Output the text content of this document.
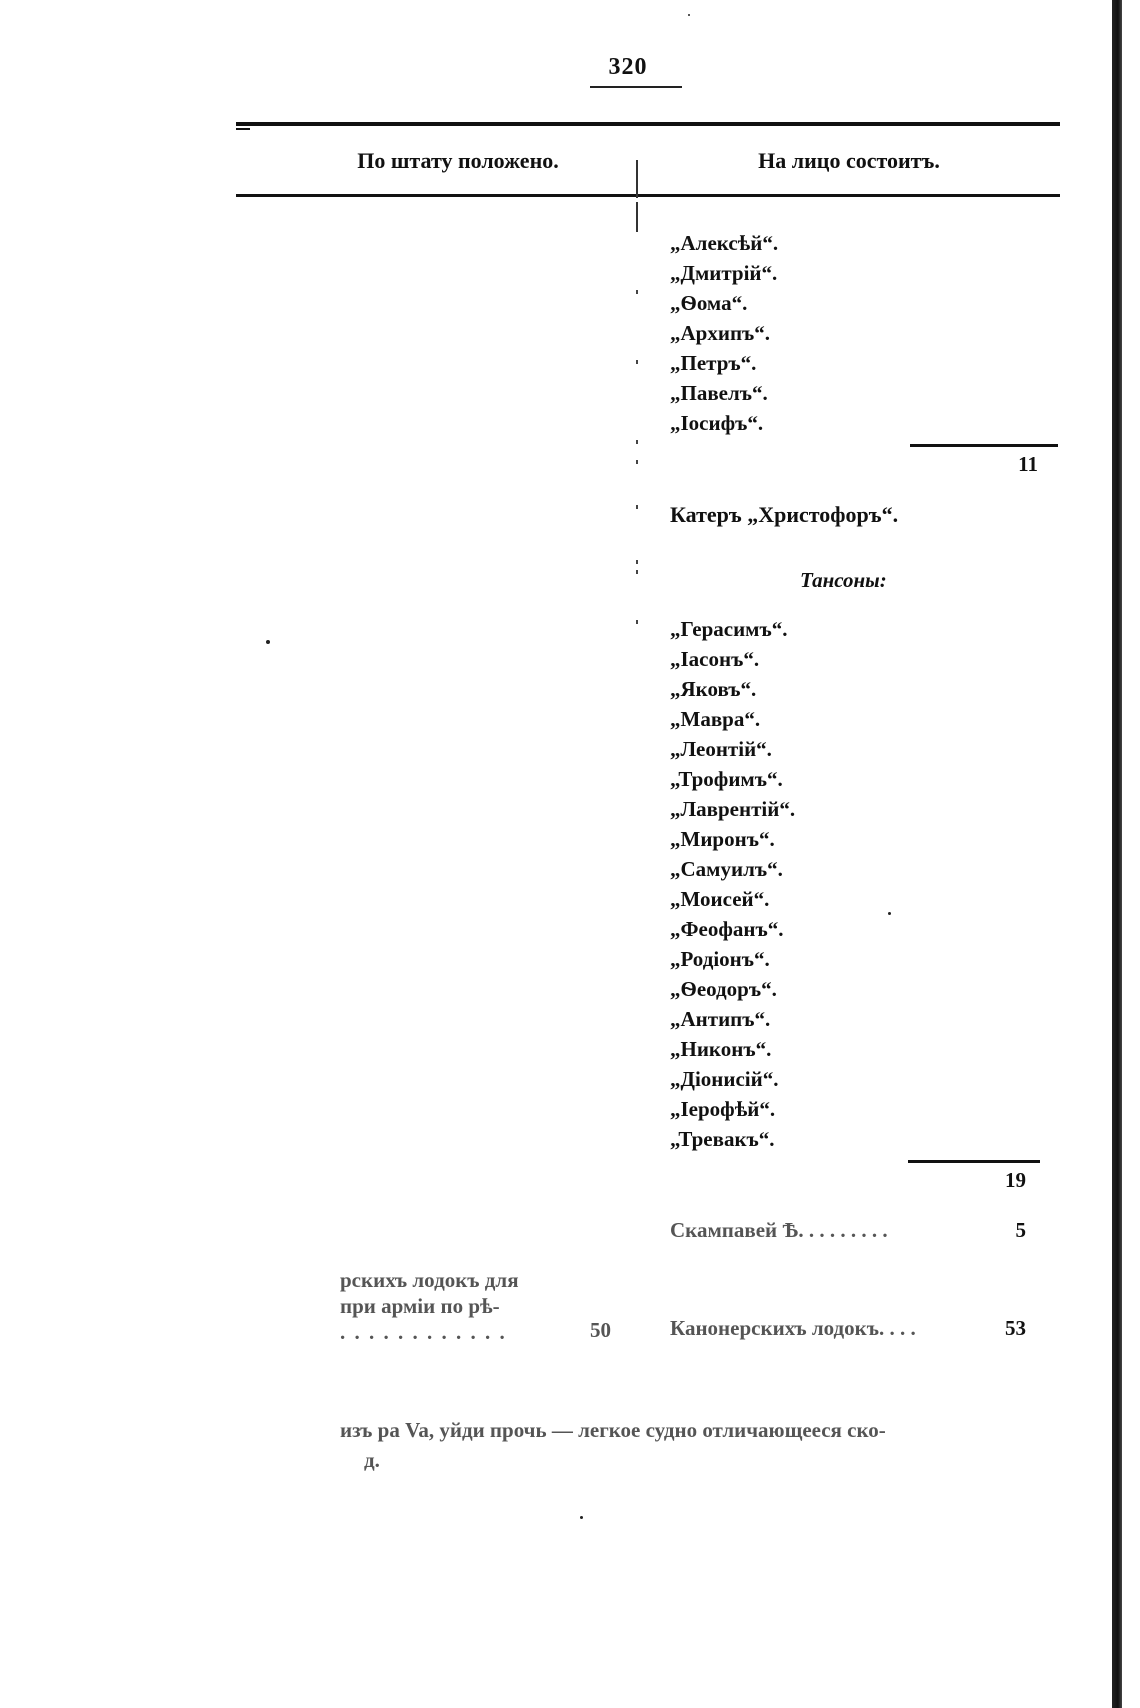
320
По штату положено.	На лицо состоитъ.
„Алексѣй“.
„Дмитрій“.
„Ѳома“.
„Архипъ“.
„Петръ“.
„Павелъ“.
„Іосифъ“.
11
Катеръ „Христофоръ“.
Тансоны:
„Герасимъ“.
„Іасонъ“.
„Яковъ“.
„Мавра“.
„Леонтій“.
„Трофимъ“.
„Лаврентій“.
„Миронъ“.
„Самуилъ“.
„Моисей“.
„Феофанъ“.
„Родіонъ“.
„Ѳеодоръ“.
„Антипъ“.
„Никонъ“.
„Діонисій“.
„Іерофѣй“.
„Тревакъ“.
19
Скампавей Ѣ. . . . . . . . .	5
рскихъ лодокъ для
при арміи по рѣ-
. . . . . . . . . . . .	50	Канонерскихъ лодокъ. . . .	53
изъ ра Va, уйди прочь — легкое судно отличающееся ско-
д.
